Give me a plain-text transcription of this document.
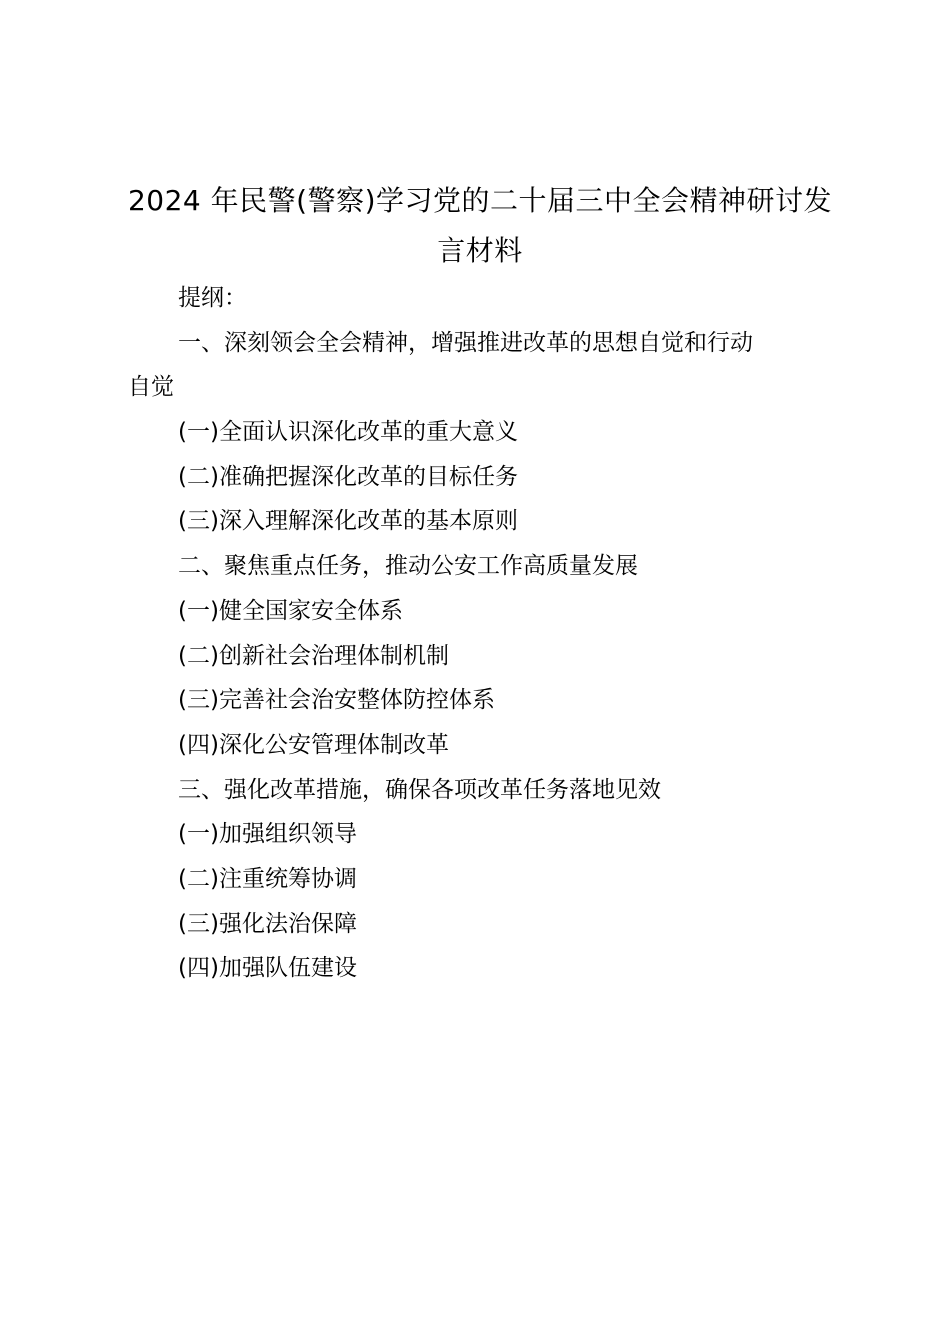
2024 年民警(警察)学习党的二十届三中全会精神研讨发
言材料
提纲：
一、深刻领会全会精神，增强推进改革的思想自觉和行动
自觉
(一)全面认识深化改革的重大意义
(二)准确把握深化改革的目标任务
(三)深入理解深化改革的基本原则
二、聚焦重点任务，推动公安工作高质量发展
(一)健全国家安全体系
(二)创新社会治理体制机制
(三)完善社会治安整体防控体系
(四)深化公安管理体制改革
三、强化改革措施，确保各项改革任务落地见效
(一)加强组织领导
(二)注重统筹协调
(三)强化法治保障
(四)加强队伍建设
